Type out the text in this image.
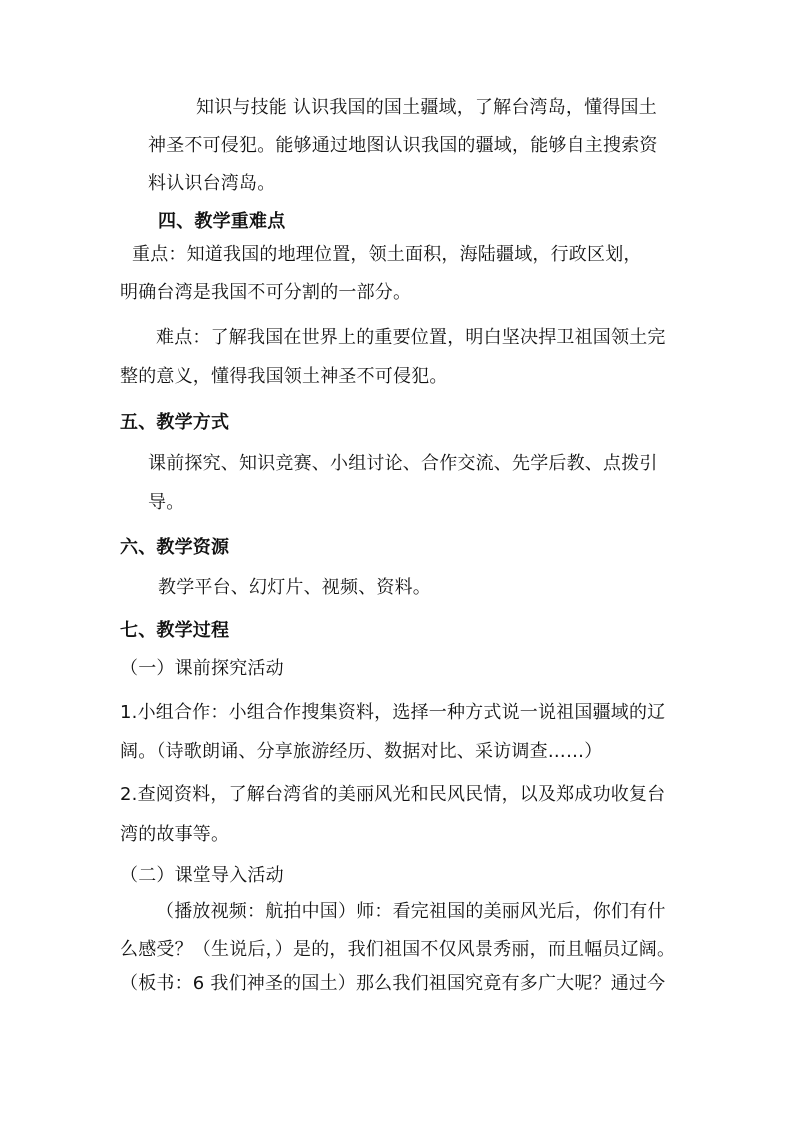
知识与技能 认识我国的国土疆域，了解台湾岛，懂得国土
神圣不可侵犯。能够通过地图认识我国的疆域，能够自主搜索资
料认识台湾岛。
四、教学重难点
重点：知道我国的地理位置，领土面积，海陆疆域，行政区划，
明确台湾是我国不可分割的一部分。
难点：了解我国在世界上的重要位置，明白坚决捍卫祖国领土完
整的意义，懂得我国领土神圣不可侵犯。
五、教学方式
课前探究、知识竞赛、小组讨论、合作交流、先学后教、点拨引
导。
六、教学资源
教学平台、幻灯片、视频、资料。
七、教学过程
（一）课前探究活动
1.小组合作：小组合作搜集资料，选择一种方式说一说祖国疆域的辽
阔。（诗歌朗诵、分享旅游经历、数据对比、采访调查……）
2.查阅资料，了解台湾省的美丽风光和民风民情，以及郑成功收复台
湾的故事等。
（二）课堂导入活动
（播放视频：航拍中国）师：看完祖国的美丽风光后，你们有什
么感受？（生说后，）是的，我们祖国不仅风景秀丽，而且幅员辽阔。
（板书：6 我们神圣的国土）那么我们祖国究竟有多广大呢？通过今
